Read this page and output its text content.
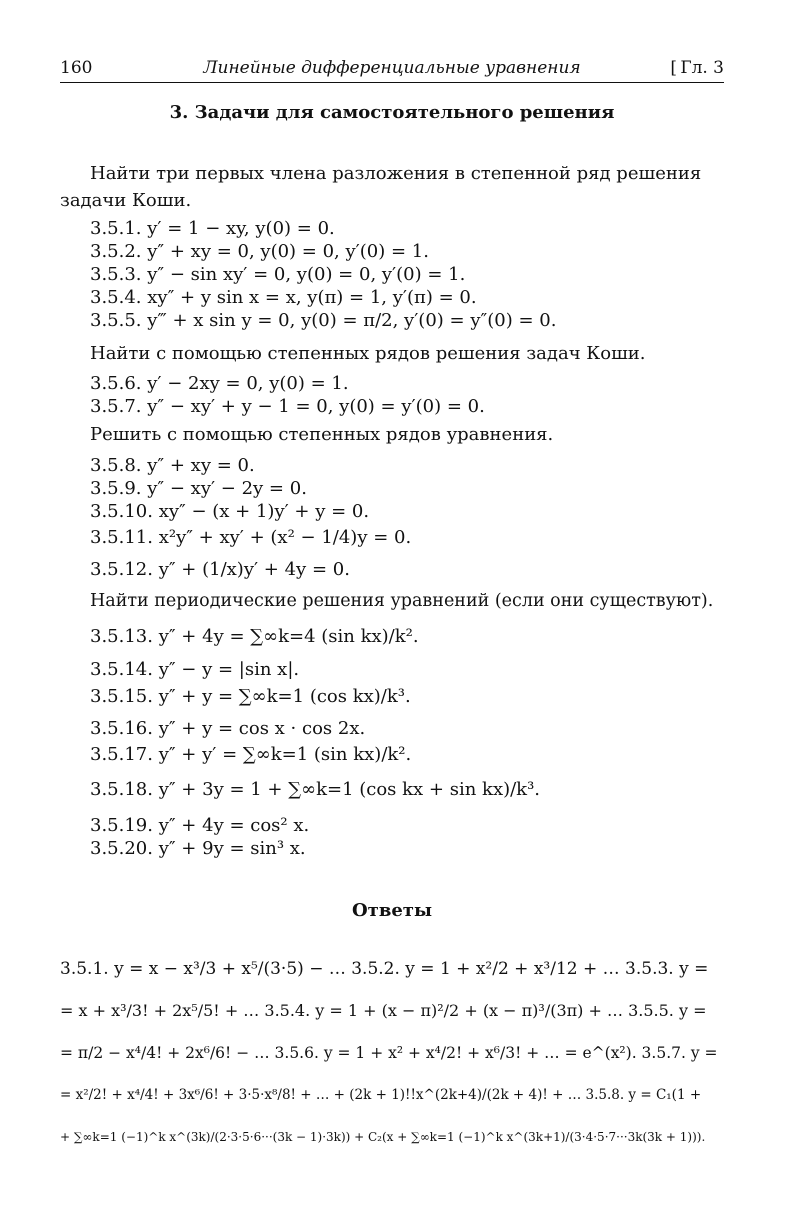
160	Линейные дифференциальные уравнения
[	Гл. 3
3. Задачи для самостоятельного решения
Найти три первых члена разложения в степенной ряд решения задачи Коши.
3.5.1. y′ = 1 − xy, y(0) = 0.
3.5.2. y″ + xy = 0, y(0) = 0, y′(0) = 1.
3.5.3. y″ − sin xy′ = 0, y(0) = 0, y′(0) = 1.
3.5.4. xy″ + y sin x = x, y(π) = 1, y′(π) = 0.
3.5.5. y‴ + x sin y = 0, y(0) = π/2, y′(0) = y″(0) = 0.
Найти с помощью степенных рядов решения задач Коши.
3.5.6. y′ − 2xy = 0, y(0) = 1.
3.5.7. y″ − xy′ + y − 1 = 0, y(0) = y′(0) = 0.
Решить с помощью степенных рядов уравнения.
3.5.8. y″ + xy = 0.
3.5.9. y″ − xy′ − 2y = 0.
3.5.10. xy″ − (x + 1)y′ + y = 0.
3.5.11. x²y″ + xy′ + (x² − 1/4)y = 0.
3.5.12. y″ + (1/x)y′ + 4y = 0.
Найти периодические решения уравнений (если они существуют).
3.5.13. y″ + 4y = ∑∞k=4 (sin kx)/k².
3.5.14. y″ − y = |sin x|.
3.5.15. y″ + y = ∑∞k=1 (cos kx)/k³.
3.5.16. y″ + y = cos x · cos 2x.
3.5.17. y″ + y′ = ∑∞k=1 (sin kx)/k².
3.5.18. y″ + 3y = 1 + ∑∞k=1 (cos kx + sin kx)/k³.
3.5.19. y″ + 4y = cos² x.
3.5.20. y″ + 9y = sin³ x.
Ответы
3.5.1. y = x − x³/3 + x⁵/(3·5) − … 3.5.2. y = 1 + x²/2 + x³/12 + … 3.5.3. y =
= x + x³/3! + 2x⁵/5! + … 3.5.4. y = 1 + (x − π)²/2 + (x − π)³/(3π) + … 3.5.5. y =
= π/2 − x⁴/4! + 2x⁶/6! − … 3.5.6. y = 1 + x² + x⁴/2! + x⁶/3! + … = e^(x²). 3.5.7. y =
= x²/2! + x⁴/4! + 3x⁶/6! + 3·5·x⁸/8! + … + (2k + 1)!!x^(2k+4)/(2k + 4)! + … 3.5.8. y = C₁(1 +
+ ∑∞k=1 (−1)^k x^(3k)/(2·3·5·6···(3k − 1)·3k)) + C₂(x + ∑∞k=1 (−1)^k x^(3k+1)/(3·4·5·7···3k(3k + 1))).
